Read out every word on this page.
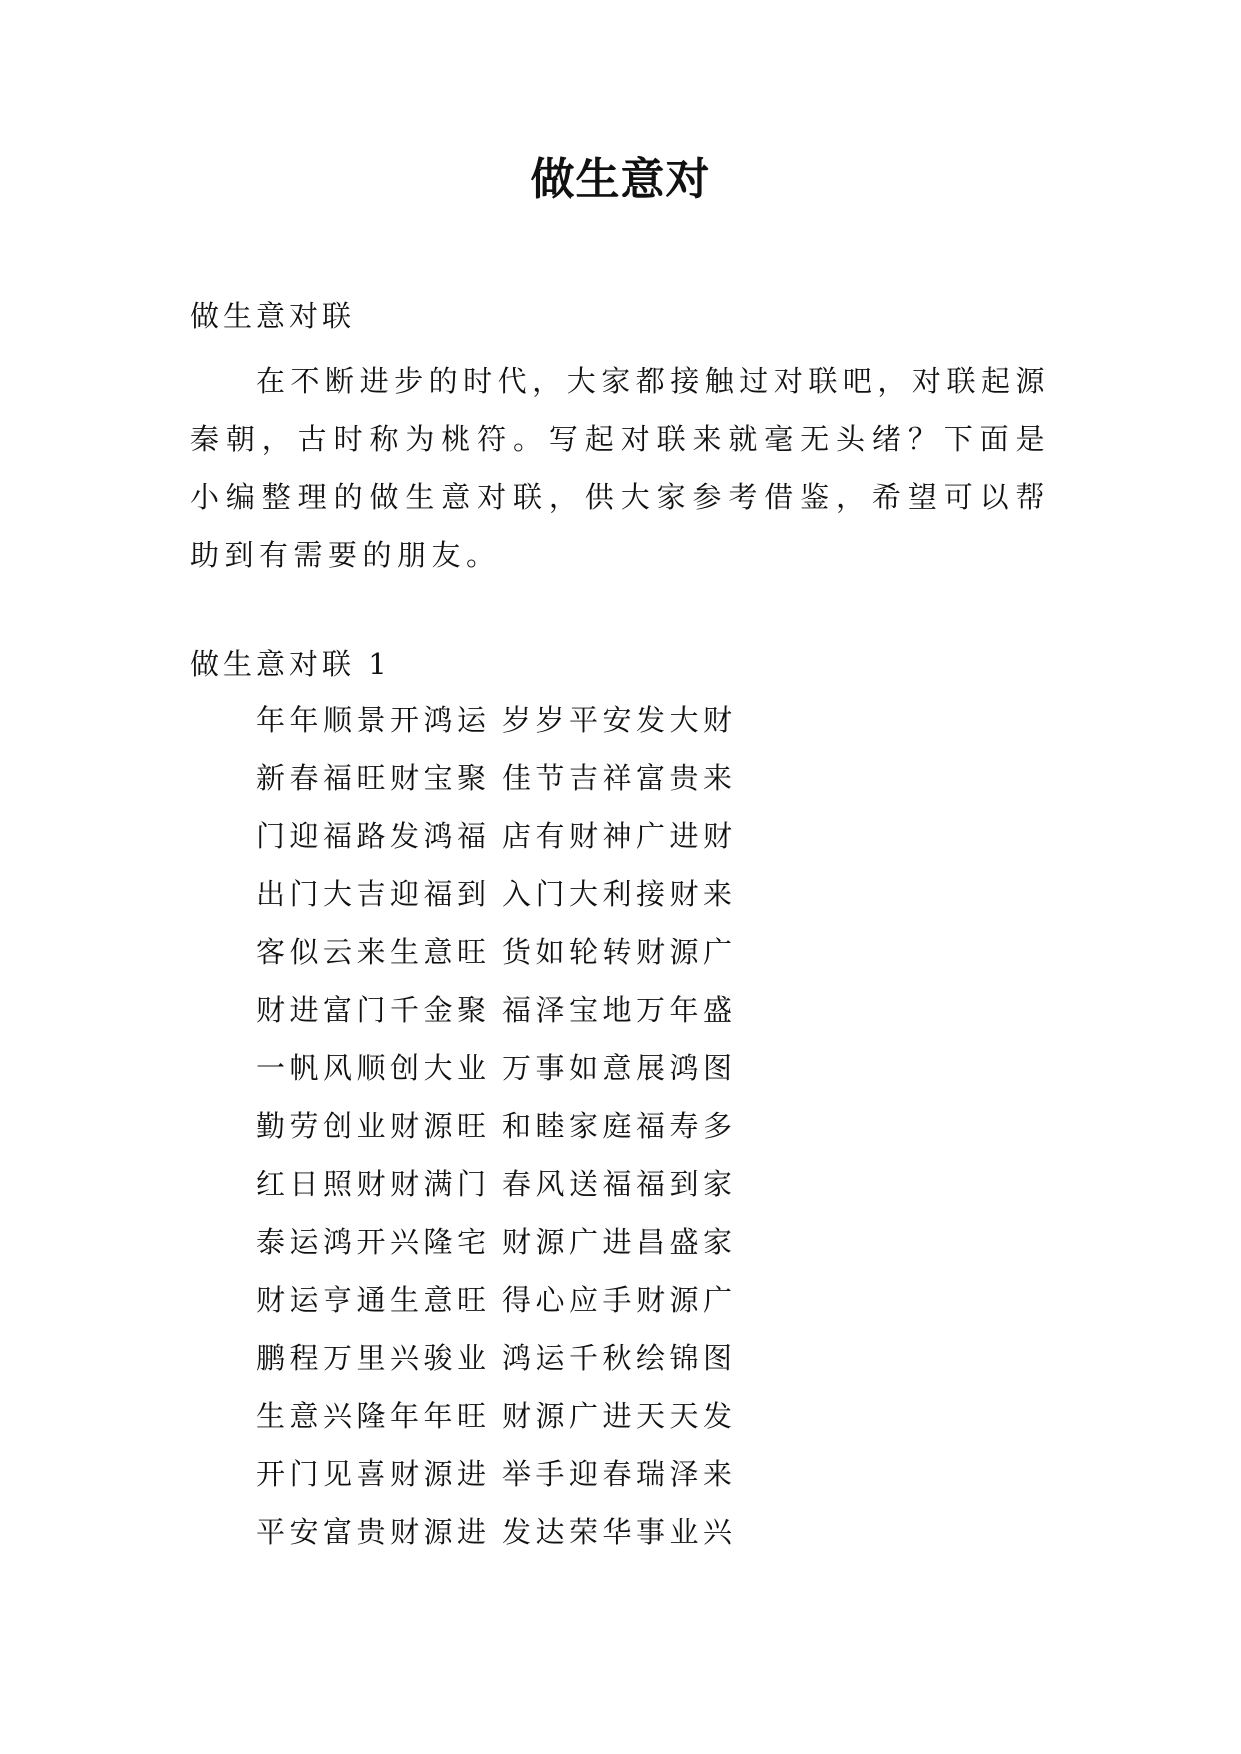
做生意对
做生意对联

在不断进步的时代，大家都接触过对联吧，对联起源秦朝，古时称为桃符。写起对联来就毫无头绪？下面是小编整理的做生意对联，供大家参考借鉴，希望可以帮助到有需要的朋友。

做生意对联 1
年年顺景开鸿运 岁岁平安发大财
新春福旺财宝聚 佳节吉祥富贵来
门迎福路发鸿福 店有财神广进财
出门大吉迎福到 入门大利接财来
客似云来生意旺 货如轮转财源广
财进富门千金聚 福泽宝地万年盛
一帆风顺创大业 万事如意展鸿图
勤劳创业财源旺 和睦家庭福寿多
红日照财财满门 春风送福福到家
泰运鸿开兴隆宅 财源广进昌盛家
财运亨通生意旺 得心应手财源广
鹏程万里兴骏业 鸿运千秋绘锦图
生意兴隆年年旺 财源广进天天发
开门见喜财源进 举手迎春瑞泽来
平安富贵财源进 发达荣华事业兴
